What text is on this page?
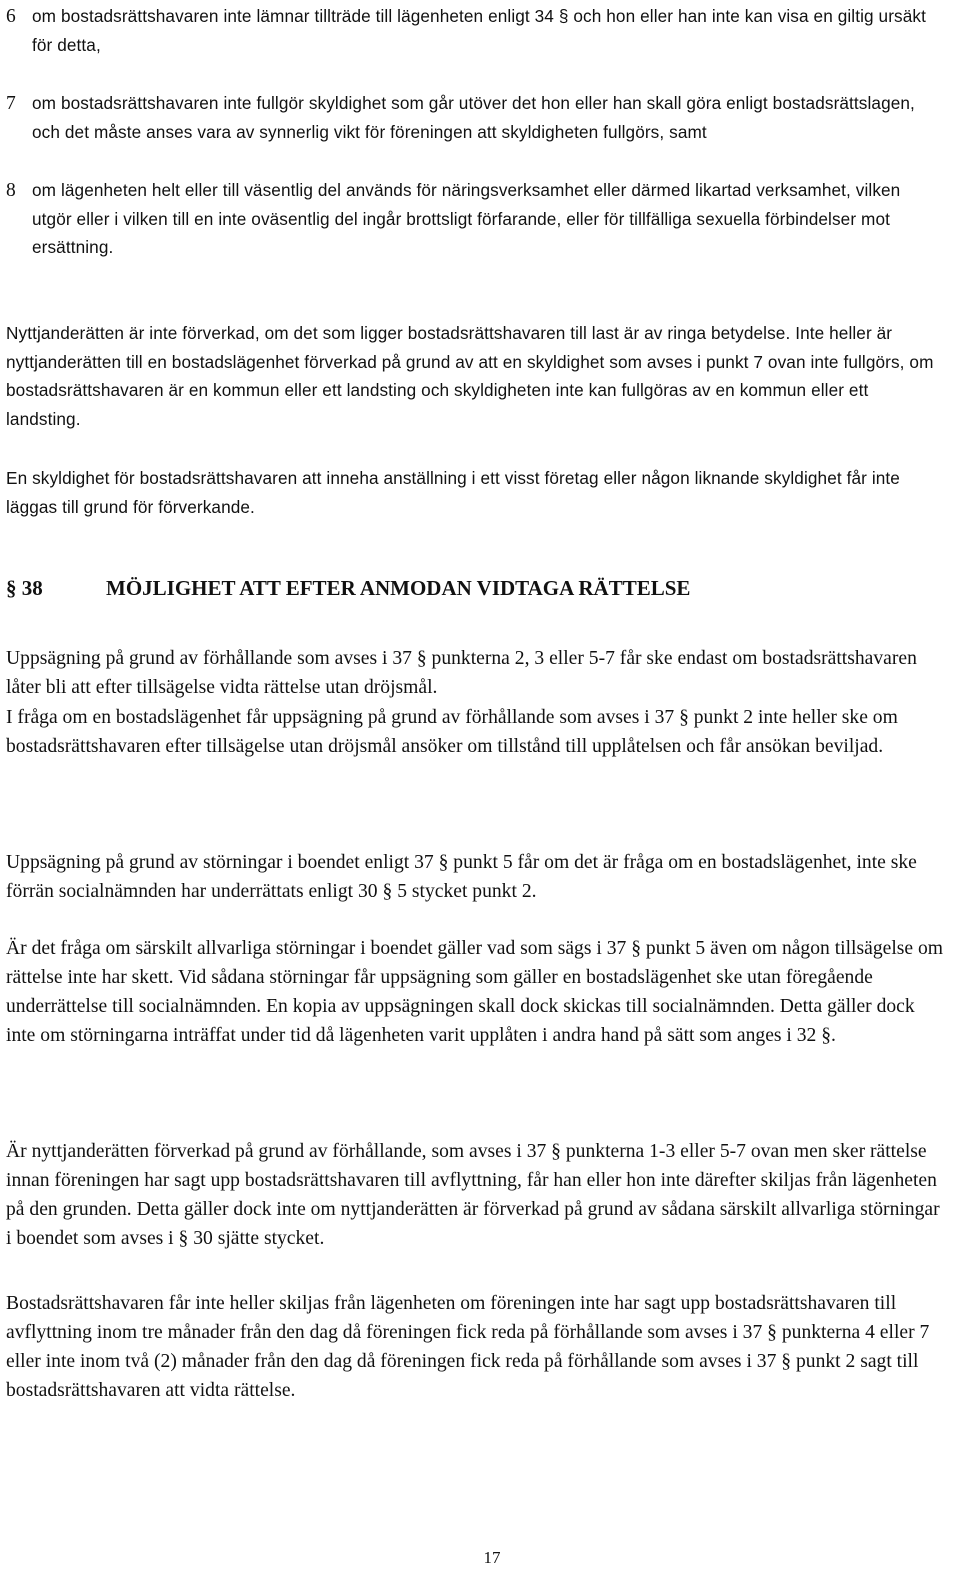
6 om bostadsrättshavaren inte lämnar tillträde till lägenheten enligt 34 § och hon eller han inte kan visa en giltig ursäkt för detta,
7 om bostadsrättshavaren inte fullgör skyldighet som går utöver det hon eller han skall göra enligt bostadsrättslagen, och det måste anses vara av synnerlig vikt för föreningen att skyldigheten fullgörs, samt
8 om lägenheten helt eller till väsentlig del används för näringsverksamhet eller därmed likartad verksamhet, vilken utgör eller i vilken till en inte oväsentlig del ingår brottsligt förfarande, eller för tillfälliga sexuella förbindelser mot ersättning.

Nyttjanderätten är inte förverkad, om det som ligger bostadsrättshavaren till last är av ringa betydelse. Inte heller är nyttjanderätten till en bostadslägenhet förverkad på grund av att en skyldighet som avses i punkt 7 ovan inte fullgörs, om bostadsrättshavaren är en kommun eller ett landsting och skyldigheten inte kan fullgöras av en kommun eller ett landsting.

En skyldighet för bostadsrättshavaren att inneha anställning i ett visst företag eller någon liknande skyldighet får inte läggas till grund för förverkande.

§ 38	MÖJLIGHET ATT EFTER ANMODAN VIDTAGA RÄTTELSE

Uppsägning på grund av förhållande som avses i 37 § punkterna 2, 3 eller 5-7 får ske endast om bostadsrättshavaren låter bli att efter tillsägelse vidta rättelse utan dröjsmål.

I fråga om en bostadslägenhet får uppsägning på grund av förhållande som avses i 37 § punkt 2 inte heller ske om bostadsrättshavaren efter tillsägelse utan dröjsmål ansöker om tillstånd till upplåtelsen och får ansökan beviljad.

Uppsägning på grund av störningar i boendet enligt 37 § punkt 5 får om det är fråga om en bostadslägenhet, inte ske förrän socialnämnden har underrättats enligt 30 § 5 stycket punkt 2.

Är det fråga om särskilt allvarliga störningar i boendet gäller vad som sägs i 37 § punkt 5 även om någon tillsägelse om rättelse inte har skett. Vid sådana störningar får uppsägning som gäller en bostadslägenhet ske utan föregående underrättelse till socialnämnden. En kopia av uppsägningen skall dock skickas till socialnämnden. Detta gäller dock inte om störningarna inträffat under tid då lägenheten varit upplåten i andra hand på sätt som anges i 32 §.

Är nyttjanderätten förverkad på grund av förhållande, som avses i 37 § punkterna 1-3 eller 5-7 ovan men sker rättelse innan föreningen har sagt upp bostadsrättshavaren till avflyttning, får han eller hon inte därefter skiljas från lägenheten på den grunden. Detta gäller dock inte om nyttjanderätten är förverkad på grund av sådana särskilt allvarliga störningar i boendet som avses i § 30 sjätte stycket.

Bostadsrättshavaren får inte heller skiljas från lägenheten om föreningen inte har sagt upp bostadsrättshavaren till avflyttning inom tre månader från den dag då föreningen fick reda på förhållande som avses i 37 § punkterna 4 eller 7 eller inte inom två (2) månader från den dag då föreningen fick reda på förhållande som avses i 37 § punkt 2 sagt till bostadsrättshavaren att vidta rättelse.

17
